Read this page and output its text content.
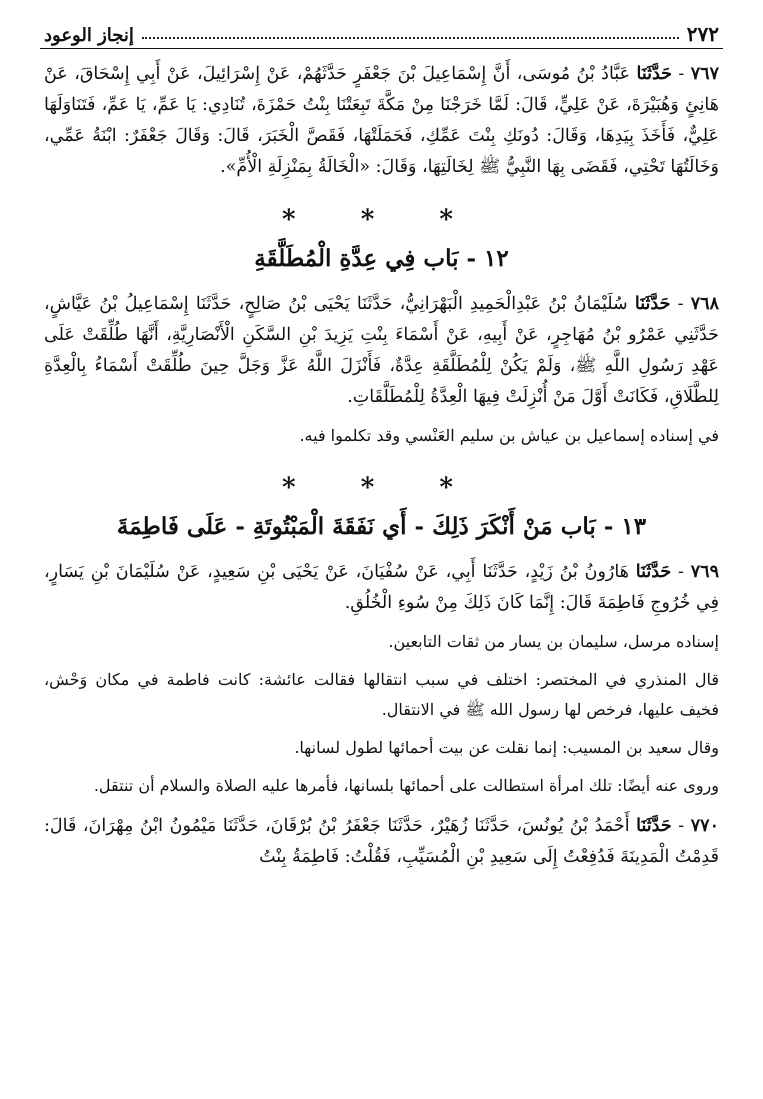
٢٧٢
إنجاز الوعود

٧٦٧ - حَدَّثَنَا عَبَّادُ بْنُ مُوسَى، أَنَّ إِسْمَاعِيلَ بْنَ جَعْفَرٍ حَدَّثَهُمْ، عَنْ إِسْرَائِيلَ، عَنْ أَبِي إِسْحَاقَ، عَنْ هَانِئٍ وَهُبَيْرَةَ، عَنْ عَلِيٍّ، قَالَ: لَمَّا خَرَجْنَا مِنْ مَكَّةَ تَبِعَتْنَا بِنْتُ حَمْزَةَ، تُنَادِي: يَا عَمِّ، يَا عَمِّ، فَتَنَاوَلَهَا عَلِيٌّ، فَأَخَذَ بِيَدِهَا، وَقَالَ: دُونَكِ بِنْتَ عَمِّكِ، فَحَمَلَتْهَا، فَقَصَّ الْخَبَرَ، قَالَ: وَقَالَ جَعْفَرٌ: ابْنَةُ عَمِّي، وَخَالَتُهَا تَحْتِي، فَقَضَى بِهَا النَّبِيُّ ﷺ لِخَالَتِهَا، وَقَالَ: «الْخَالَةُ بِمَنْزِلَةِ الْأُمِّ».

* * *
١٢ - بَاب فِي عِدَّةِ الْمُطَلَّقَةِ

٧٦٨ - حَدَّثَنَا سُلَيْمَانُ بْنُ عَبْدِالْحَمِيدِ الْبَهْرَانِيُّ، حَدَّثَنَا يَحْيَى بْنُ صَالِحٍ، حَدَّثَنَا إِسْمَاعِيلُ بْنُ عَيَّاشٍ، حَدَّثَنِي عَمْرُو بْنُ مُهَاجِرٍ، عَنْ أَبِيهِ، عَنْ أَسْمَاءَ بِنْتِ يَزِيدَ بْنِ السَّكَنِ الْأَنْصَارِيَّةِ، أَنَّهَا طُلِّقَتْ عَلَى عَهْدِ رَسُولِ اللَّهِ ﷺ، وَلَمْ يَكُنْ لِلْمُطَلَّقَةِ عِدَّةٌ، فَأَنْزَلَ اللَّهُ عَزَّ وَجَلَّ حِينَ طُلِّقَتْ أَسْمَاءُ بِالْعِدَّةِ لِلطَّلَاقِ، فَكَانَتْ أَوَّلَ مَنْ أُنْزِلَتْ فِيهَا الْعِدَّةُ لِلْمُطَلَّقَاتِ.

في إسناده إسماعيل بن عياش بن سليم العَنْسي وقد تكلموا فيه.

* * *
١٣ - بَاب مَنْ أَنْكَرَ ذَلِكَ - أَي نَفَقَةَ الْمَبْتُوتَةِ - عَلَى فَاطِمَةَ

٧٦٩ - حَدَّثَنَا هَارُونُ بْنُ زَيْدٍ، حَدَّثَنَا أَبِي، عَنْ سُفْيَانَ، عَنْ يَحْيَى بْنِ سَعِيدٍ، عَنْ سُلَيْمَانَ بْنِ يَسَارٍ، فِي خُرُوجِ فَاطِمَةَ قَالَ: إِنَّمَا كَانَ ذَلِكَ مِنْ سُوءِ الْخُلُقِ.

إسناده مرسل، سليمان بن يسار من ثقات التابعين.

قال المنذري في المختصر: اختلف في سبب انتقالها فقالت عائشة: كانت فاطمة في مكان وَحْش، فخيف عليها، فرخص لها رسول الله ﷺ في الانتقال.

وقال سعيد بن المسيب: إنما نقلت عن بيت أحمائها لطول لسانها.

وروى عنه أيضًا: تلك امرأة استطالت على أحمائها بلسانها، فأمرها عليه الصلاة والسلام أن تنتقل.

٧٧٠ - حَدَّثَنَا أَحْمَدُ بْنُ يُونُسَ، حَدَّثَنَا زُهَيْرٌ، حَدَّثَنَا جَعْفَرُ بْنُ بُرْقَانَ، حَدَّثَنَا مَيْمُونُ ابْنُ مِهْرَانَ، قَالَ: قَدِمْتُ الْمَدِينَةَ فَدُفِعْتُ إِلَى سَعِيدِ بْنِ الْمُسَيِّبِ، فَقُلْتُ: فَاطِمَةُ بِنْتُ
